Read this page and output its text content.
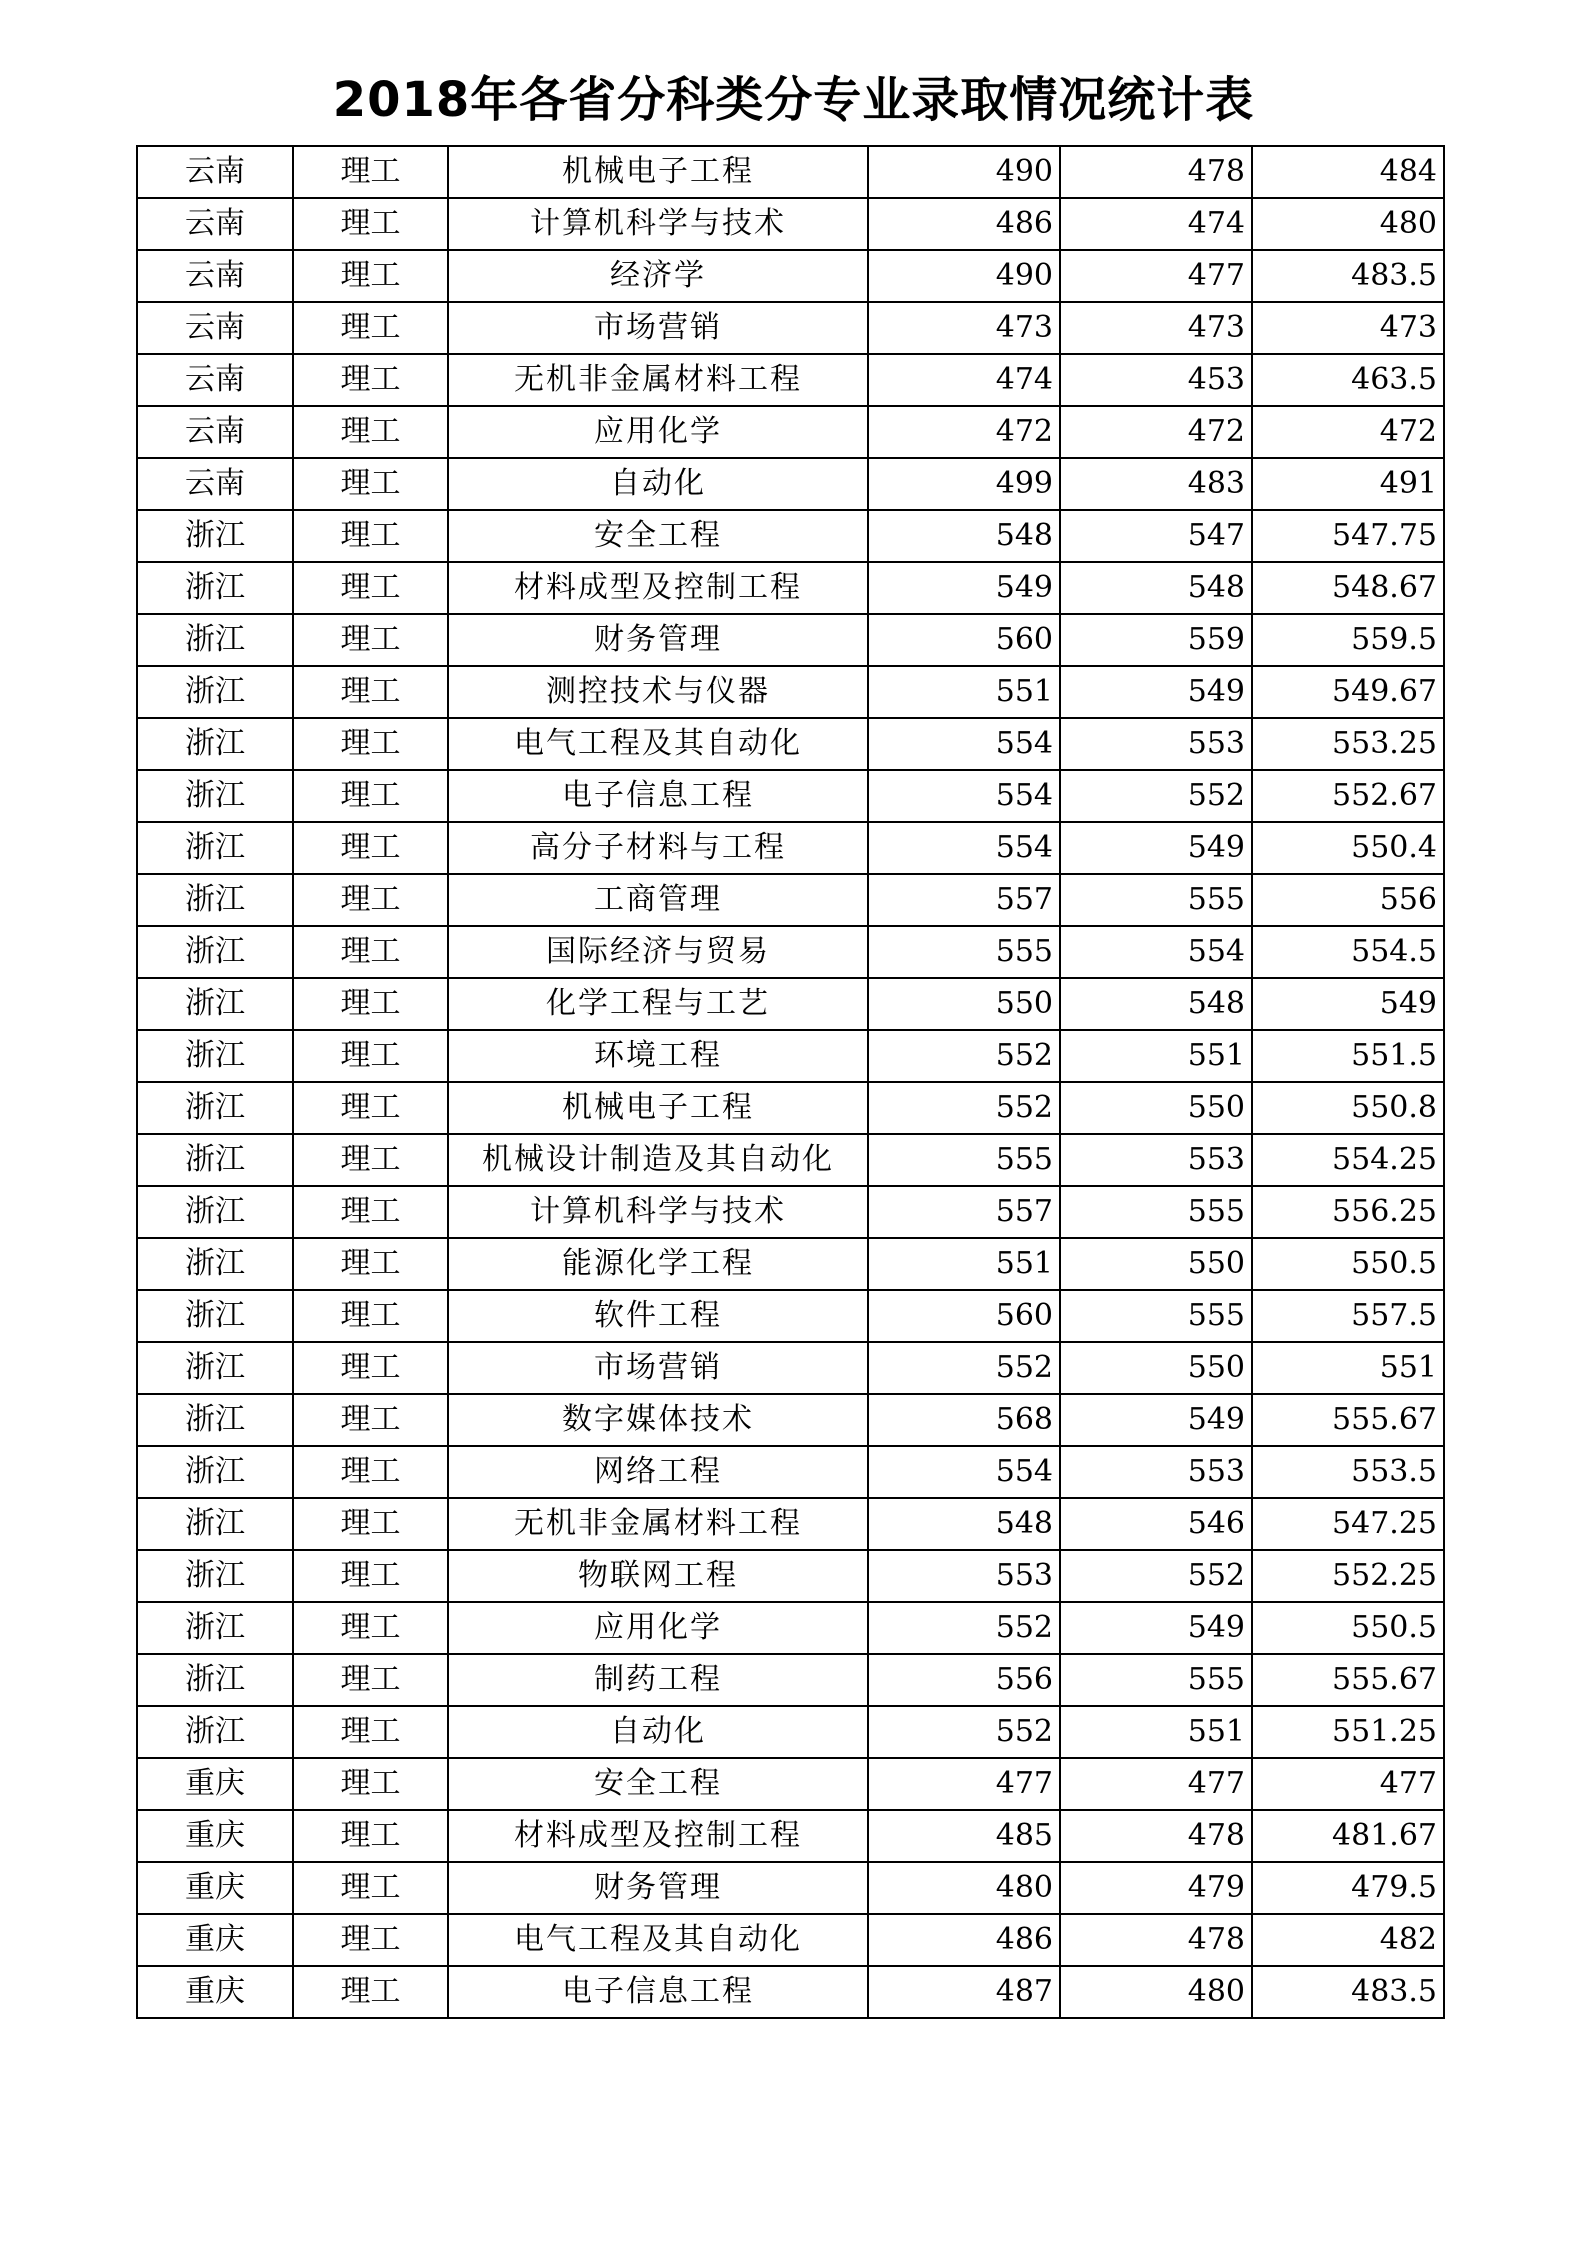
2018年各省分科类分专业录取情况统计表
云南	理工	机械电子工程	490	478	484
云南	理工	计算机科学与技术	486	474	480
云南	理工	经济学	490	477	483.5
云南	理工	市场营销	473	473	473
云南	理工	无机非金属材料工程	474	453	463.5
云南	理工	应用化学	472	472	472
云南	理工	自动化	499	483	491
浙江	理工	安全工程	548	547	547.75
浙江	理工	材料成型及控制工程	549	548	548.67
浙江	理工	财务管理	560	559	559.5
浙江	理工	测控技术与仪器	551	549	549.67
浙江	理工	电气工程及其自动化	554	553	553.25
浙江	理工	电子信息工程	554	552	552.67
浙江	理工	高分子材料与工程	554	549	550.4
浙江	理工	工商管理	557	555	556
浙江	理工	国际经济与贸易	555	554	554.5
浙江	理工	化学工程与工艺	550	548	549
浙江	理工	环境工程	552	551	551.5
浙江	理工	机械电子工程	552	550	550.8
浙江	理工	机械设计制造及其自动化	555	553	554.25
浙江	理工	计算机科学与技术	557	555	556.25
浙江	理工	能源化学工程	551	550	550.5
浙江	理工	软件工程	560	555	557.5
浙江	理工	市场营销	552	550	551
浙江	理工	数字媒体技术	568	549	555.67
浙江	理工	网络工程	554	553	553.5
浙江	理工	无机非金属材料工程	548	546	547.25
浙江	理工	物联网工程	553	552	552.25
浙江	理工	应用化学	552	549	550.5
浙江	理工	制药工程	556	555	555.67
浙江	理工	自动化	552	551	551.25
重庆	理工	安全工程	477	477	477
重庆	理工	材料成型及控制工程	485	478	481.67
重庆	理工	财务管理	480	479	479.5
重庆	理工	电气工程及其自动化	486	478	482
重庆	理工	电子信息工程	487	480	483.5
